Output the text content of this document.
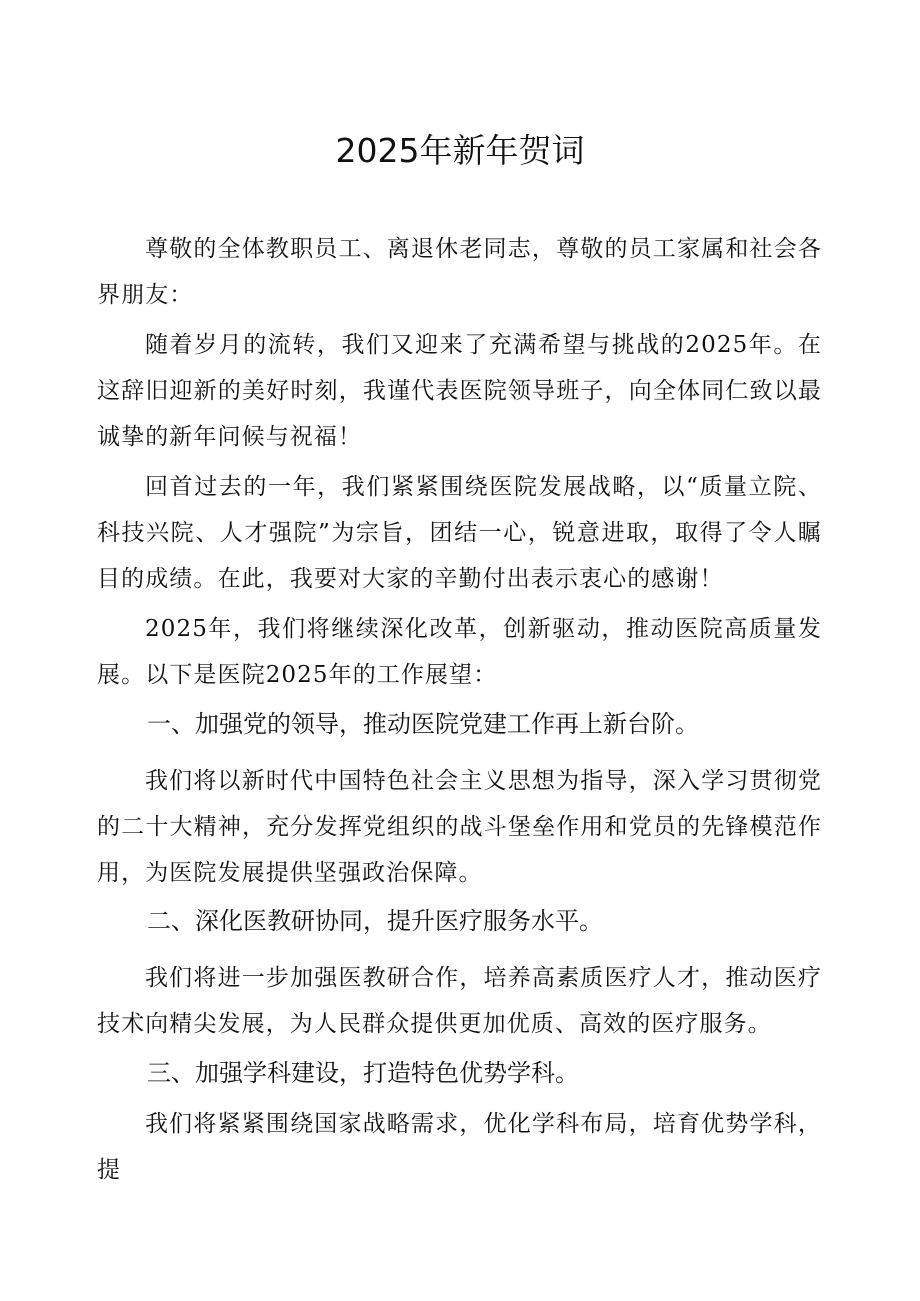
2025年新年贺词
尊敬的全体教职员工、离退休老同志，尊敬的员工家属和社会各界朋友：
随着岁月的流转，我们又迎来了充满希望与挑战的2025年。在这辞旧迎新的美好时刻，我谨代表医院领导班子，向全体同仁致以最诚挚的新年问候与祝福！
回首过去的一年，我们紧紧围绕医院发展战略，以“质量立院、科技兴院、人才强院”为宗旨，团结一心，锐意进取，取得了令人瞩目的成绩。在此，我要对大家的辛勤付出表示衷心的感谢！
2025年，我们将继续深化改革，创新驱动，推动医院高质量发展。以下是医院2025年的工作展望：
一、加强党的领导，推动医院党建工作再上新台阶。
我们将以新时代中国特色社会主义思想为指导，深入学习贯彻党的二十大精神，充分发挥党组织的战斗堡垒作用和党员的先锋模范作用，为医院发展提供坚强政治保障。
二、深化医教研协同，提升医疗服务水平。
我们将进一步加强医教研合作，培养高素质医疗人才，推动医疗技术向精尖发展，为人民群众提供更加优质、高效的医疗服务。
三、加强学科建设，打造特色优势学科。
我们将紧紧围绕国家战略需求，优化学科布局，培育优势学科，提
